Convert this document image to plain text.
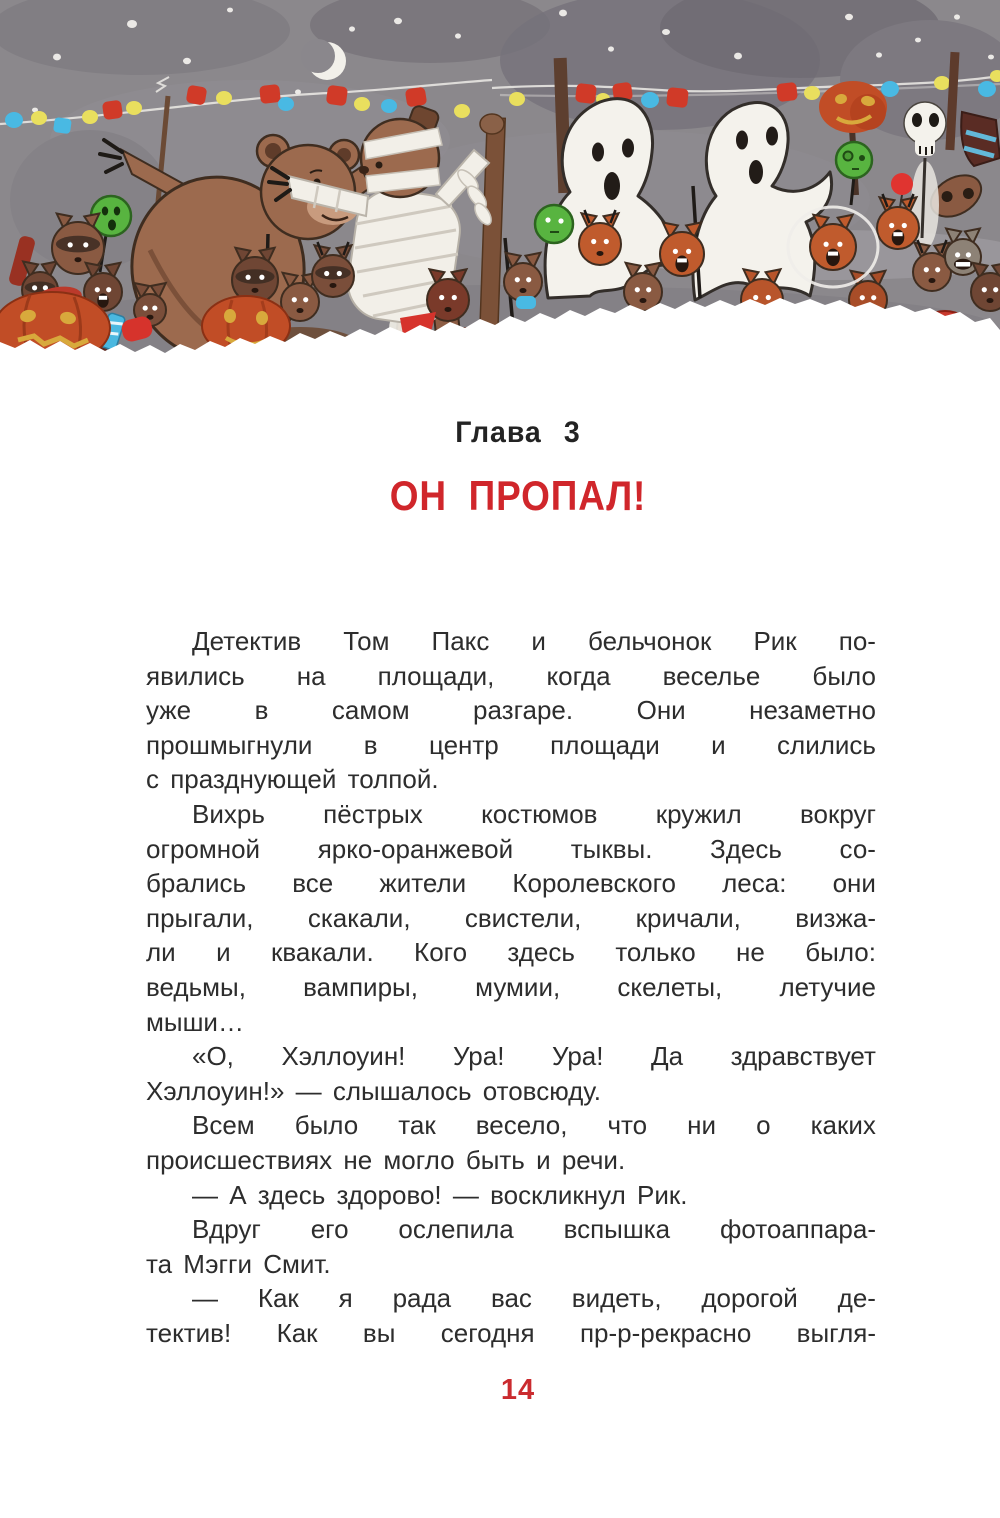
Глава 3
ОН ПРОПАЛ!
Детектив Том Пакс и бельчонок Рик по-
явились на площади, когда веселье было
уже в самом разгаре. Они незаметно
прошмыгнули в центр площади и слились
с празднующей толпой.
Вихрь пёстрых костюмов кружил вокруг
огромной ярко-оранжевой тыквы. Здесь со-
брались все жители Королевского леса: они
прыгали, скакали, свистели, кричали, визжа-
ли и квакали. Кого здесь только не было:
ведьмы, вампиры, мумии, скелеты, летучие
мыши…
«О, Хэллоуин! Ура! Ура! Да здравствует
Хэллоуин!» — слышалось отовсюду.
Всем было так весело, что ни о каких
происшествиях не могло быть и речи.
— А здесь здорово! — воскликнул Рик.
Вдруг его ослепила вспышка фотоаппара-
та Мэгги Смит.
— Как я рада вас видеть, дорогой де-
тектив! Как вы сегодня пр-р-рекрасно выгля-
14
